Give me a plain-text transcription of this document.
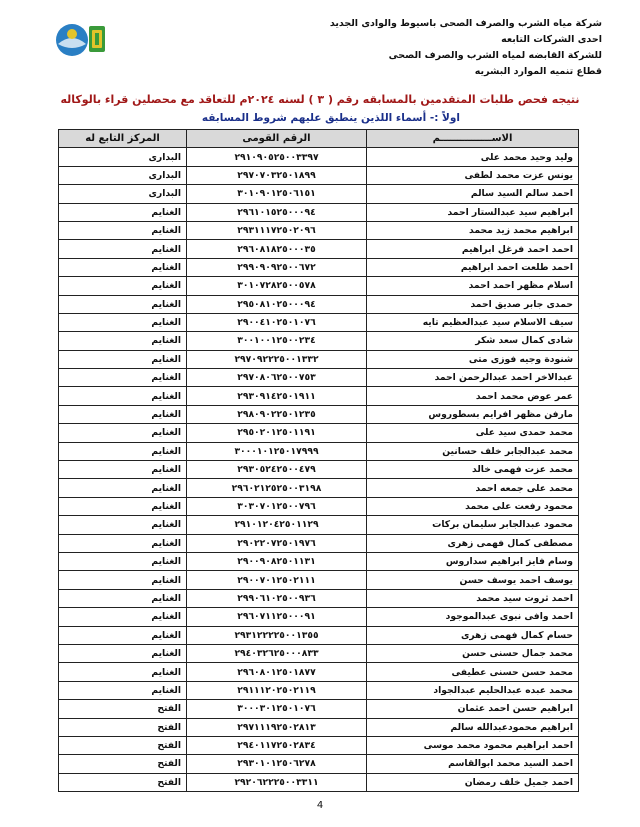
شركة مياه الشرب والصرف الصحى باسيوط والوادى الجديد
احدى الشركات التابعه
للشركة القابضه لمياه الشرب والصرف الصحى
قطاع تنميه الموارد البشريه
نتيجه فحص طلبات المتقدمين بالمسابقه رقم ( ٣ ) لسنه ٢٠٢٤م للتعاقد مع محصلين قراء بالوكاله
اولاً :- أسماء اللذين ينطبق عليهم شروط المسابقه
الاســـــــــــــــم	الرقم القومى	المركز التابع له
وليد وحيد محمد على	٢٩١٠٩٠٥٢٥٠٠٣٣٩٧	البدارى
يونس عزت محمد لطفى	٢٩٧٠٧٠٣٢٥٠١٨٩٩	البدارى
احمد سالم السيد سالم	٣٠١٠٩٠١٢٥٠٦١٥١	البدارى
ابراهيم سيد عبدالستار احمد	٢٩٦١٠١٥٢٥٠٠٠٩٤	الغنايم
ابراهيم محمد زيد محمد	٢٩٣١١١٧٢٥٠٢٠٩٦	الغنايم
احمد احمد فرغل ابراهيم	٢٩٦٠٨١٨٢٥٠٠٠٣٥	الغنايم
احمد طلعت احمد ابراهيم	٢٩٩٠٩٠٩٢٥٠٠٦٧٢	الغنايم
اسلام مظهر احمد احمد	٣٠١٠٧٢٨٢٥٠٠٥٧٨	الغنايم
حمدى جابر صديق احمد	٢٩٥٠٨١٠٢٥٠٠٠٩٤	الغنايم
سيف الاسلام سيد عبدالعظيم تايه	٢٩٠٠٤١٠٢٥٠١٠٧٦	الغنايم
شادى كمال سعد شكر	٣٠٠١٠٠١٢٥٠٠٢٣٤	الغنايم
شنودة وجيه فوزى متى	٢٩٧٠٩٢٢٢٥٠٠١٣٣٢	الغنايم
عبدالاخر احمد عبدالرحمن احمد	٢٩٧٠٨٠٦٢٥٠٠٧٥٣	الغنايم
عمر عوض محمد احمد	٢٩٣٠٩١٤٢٥٠١٩١١	الغنايم
مارفن مظهر افرايم بسطوروس	٢٩٨٠٩٠٢٢٥٠١٢٣٥	الغنايم
محمد حمدى سيد على	٢٩٥٠٢٠١٢٥٠١١٩١	الغنايم
محمد عبدالجابر خلف حسانين	٣٠٠٠١٠١٢٥٠١٧٩٩٩	الغنايم
محمد عزت فهمى خالد	٢٩٣٠٥٢٤٢٥٠٠٤٧٩	الغنايم
محمد على جمعه احمد	٢٩٦٠٢١٢٥٢٥٠٠٣١٩٨	الغنايم
محمود رفعت على محمد	٣٠٣٠٧٠١٢٥٠٠٧٩٦	الغنايم
محمود عبدالجابر سليمان بركات	٢٩١٠١٢٠٤٢٥٠١١٢٩	الغنايم
مصطفى كمال فهمى زهرى	٢٩٠٢٢٠٧٢٥٠١٩٧٦	الغنايم
وسام فايز ابراهيم سداروس	٢٩٠٠٩٠٨٢٥٠١١٣١	الغنايم
يوسف احمد يوسف حسن	٢٩٠٠٧٠١٢٥٠٢١١١	الغنايم
احمد ثروت سيد محمد	٢٩٩٠٦١٠٢٥٠٠٩٣٦	الغنايم
احمد وافى نبوى عبدالموجود	٢٩٦٠٧١١٢٥٠٠٠٩١	الغنايم
حسام كمال فهمى زهرى	٢٩٣١٢٢٢٢٥٠٠١٣٥٥	الغنايم
محمد جمال حسنى حسن	٢٩٤٠٣٢٦٢٥٠٠٠٨٣٣	الغنايم
محمد حسن حسنى عطيفى	٢٩٦٠٨٠١٢٥٠١٨٧٧	الغنايم
محمد عبده عبدالحليم عبدالجواد	٢٩١١١٢٠٢٥٠٢١١٩	الغنايم
ابراهيم حسن احمد عثمان	٣٠٠٠٣٠١٢٥٠١٠٧٦	الفتح
ابراهيم محمودعبدالله سالم	٢٩٧١١١٩٢٥٠٢٨١٣	الفتح
احمد ابراهيم محمود محمد موسى	٢٩٤٠١١٧٢٥٠٢٨٣٤	الفتح
احمد السيد محمد ابوالقاسم	٢٩٣٠١٠١٢٥٠٦٢٧٨	الفتح
احمد جميل خلف رمضان	٢٩٢٠٦٢٢٢٥٠٠٣٣١١	الفتح
4
